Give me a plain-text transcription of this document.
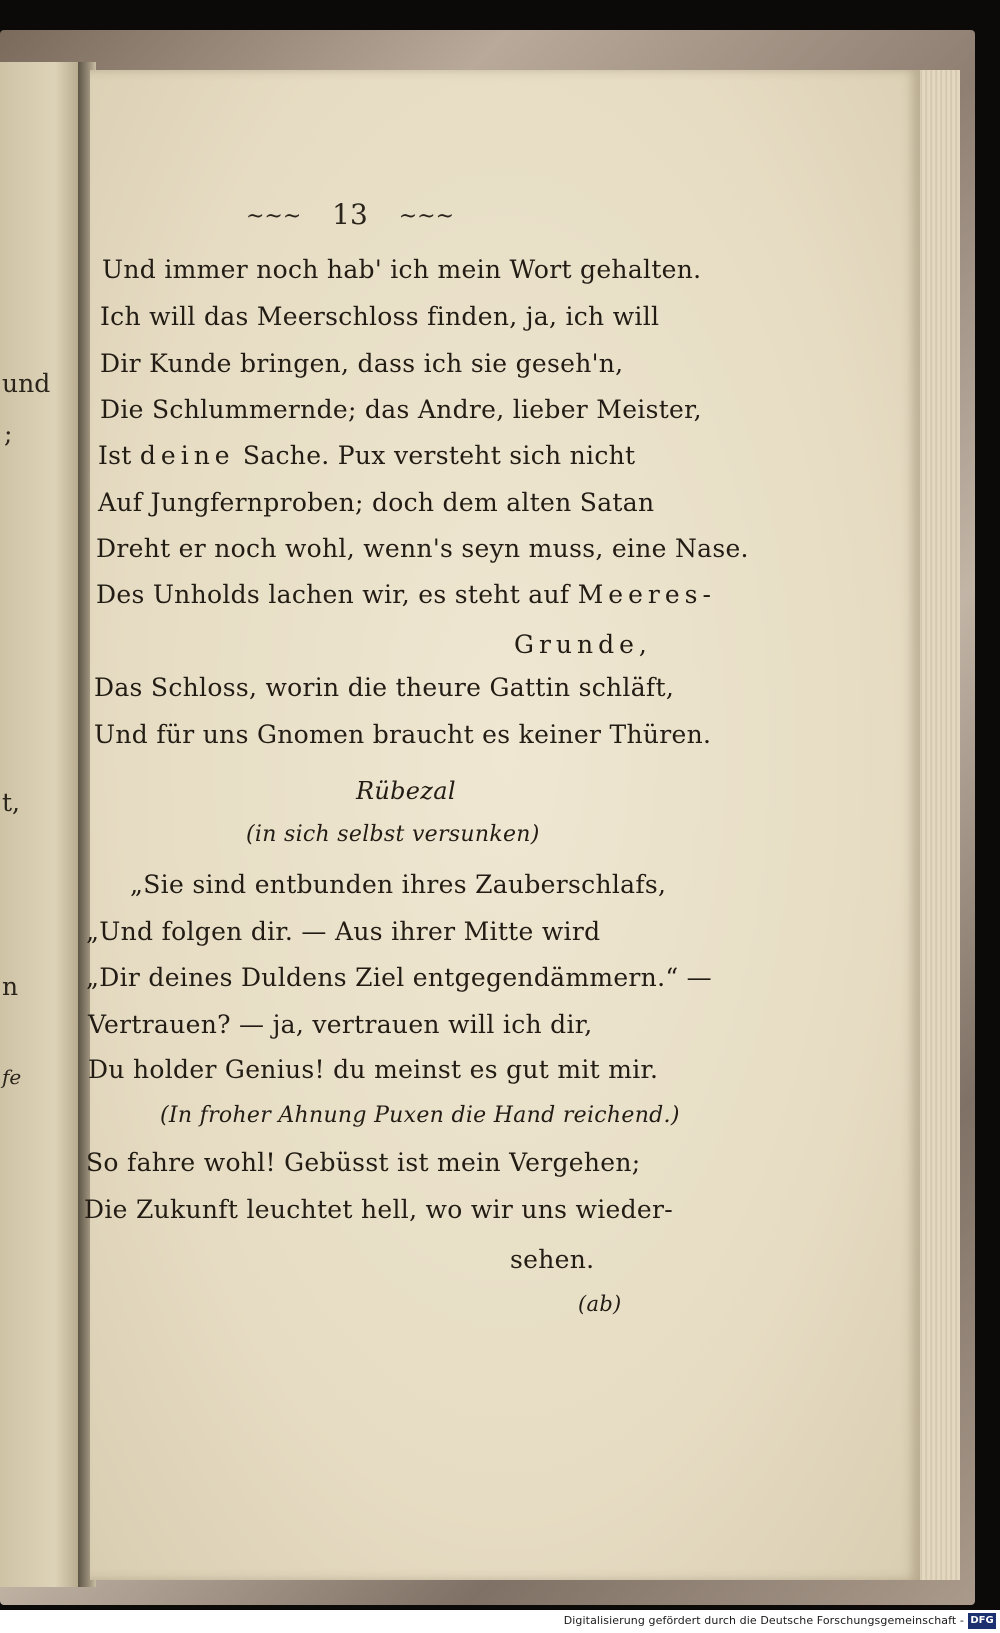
und
;
t,
n
fe
~~~ 13 ~~~
Und immer noch hab' ich mein Wort gehalten.
Ich will das Meerschloss finden, ja, ich will
Dir Kunde bringen, dass ich sie geseh'n,
Die Schlummernde; das Andre, lieber Meister,
Ist deine Sache. Pux versteht sich nicht
Auf Jungfernproben; doch dem alten Satan
Dreht er noch wohl, wenn's seyn muss, eine Nase.
Des Unholds lachen wir, es steht auf Meeres-
Grunde,
Das Schloss, worin die theure Gattin schläft,
Und für uns Gnomen braucht es keiner Thüren.
Rübezal
(in sich selbst versunken)
„Sie sind entbunden ihres Zauberschlafs,
„Und folgen dir. — Aus ihrer Mitte wird
„Dir deines Duldens Ziel entgegendämmern.“ —
Vertrauen? — ja, vertrauen will ich dir,
Du holder Genius! du meinst es gut mit mir.
(In froher Ahnung Puxen die Hand reichend.)
So fahre wohl! Gebüsst ist mein Vergehen;
Die Zukunft leuchtet hell, wo wir uns wieder-
sehen.
(ab)
Digitalisierung gefördert durch die Deutsche Forschungsgemeinschaft - DFG
